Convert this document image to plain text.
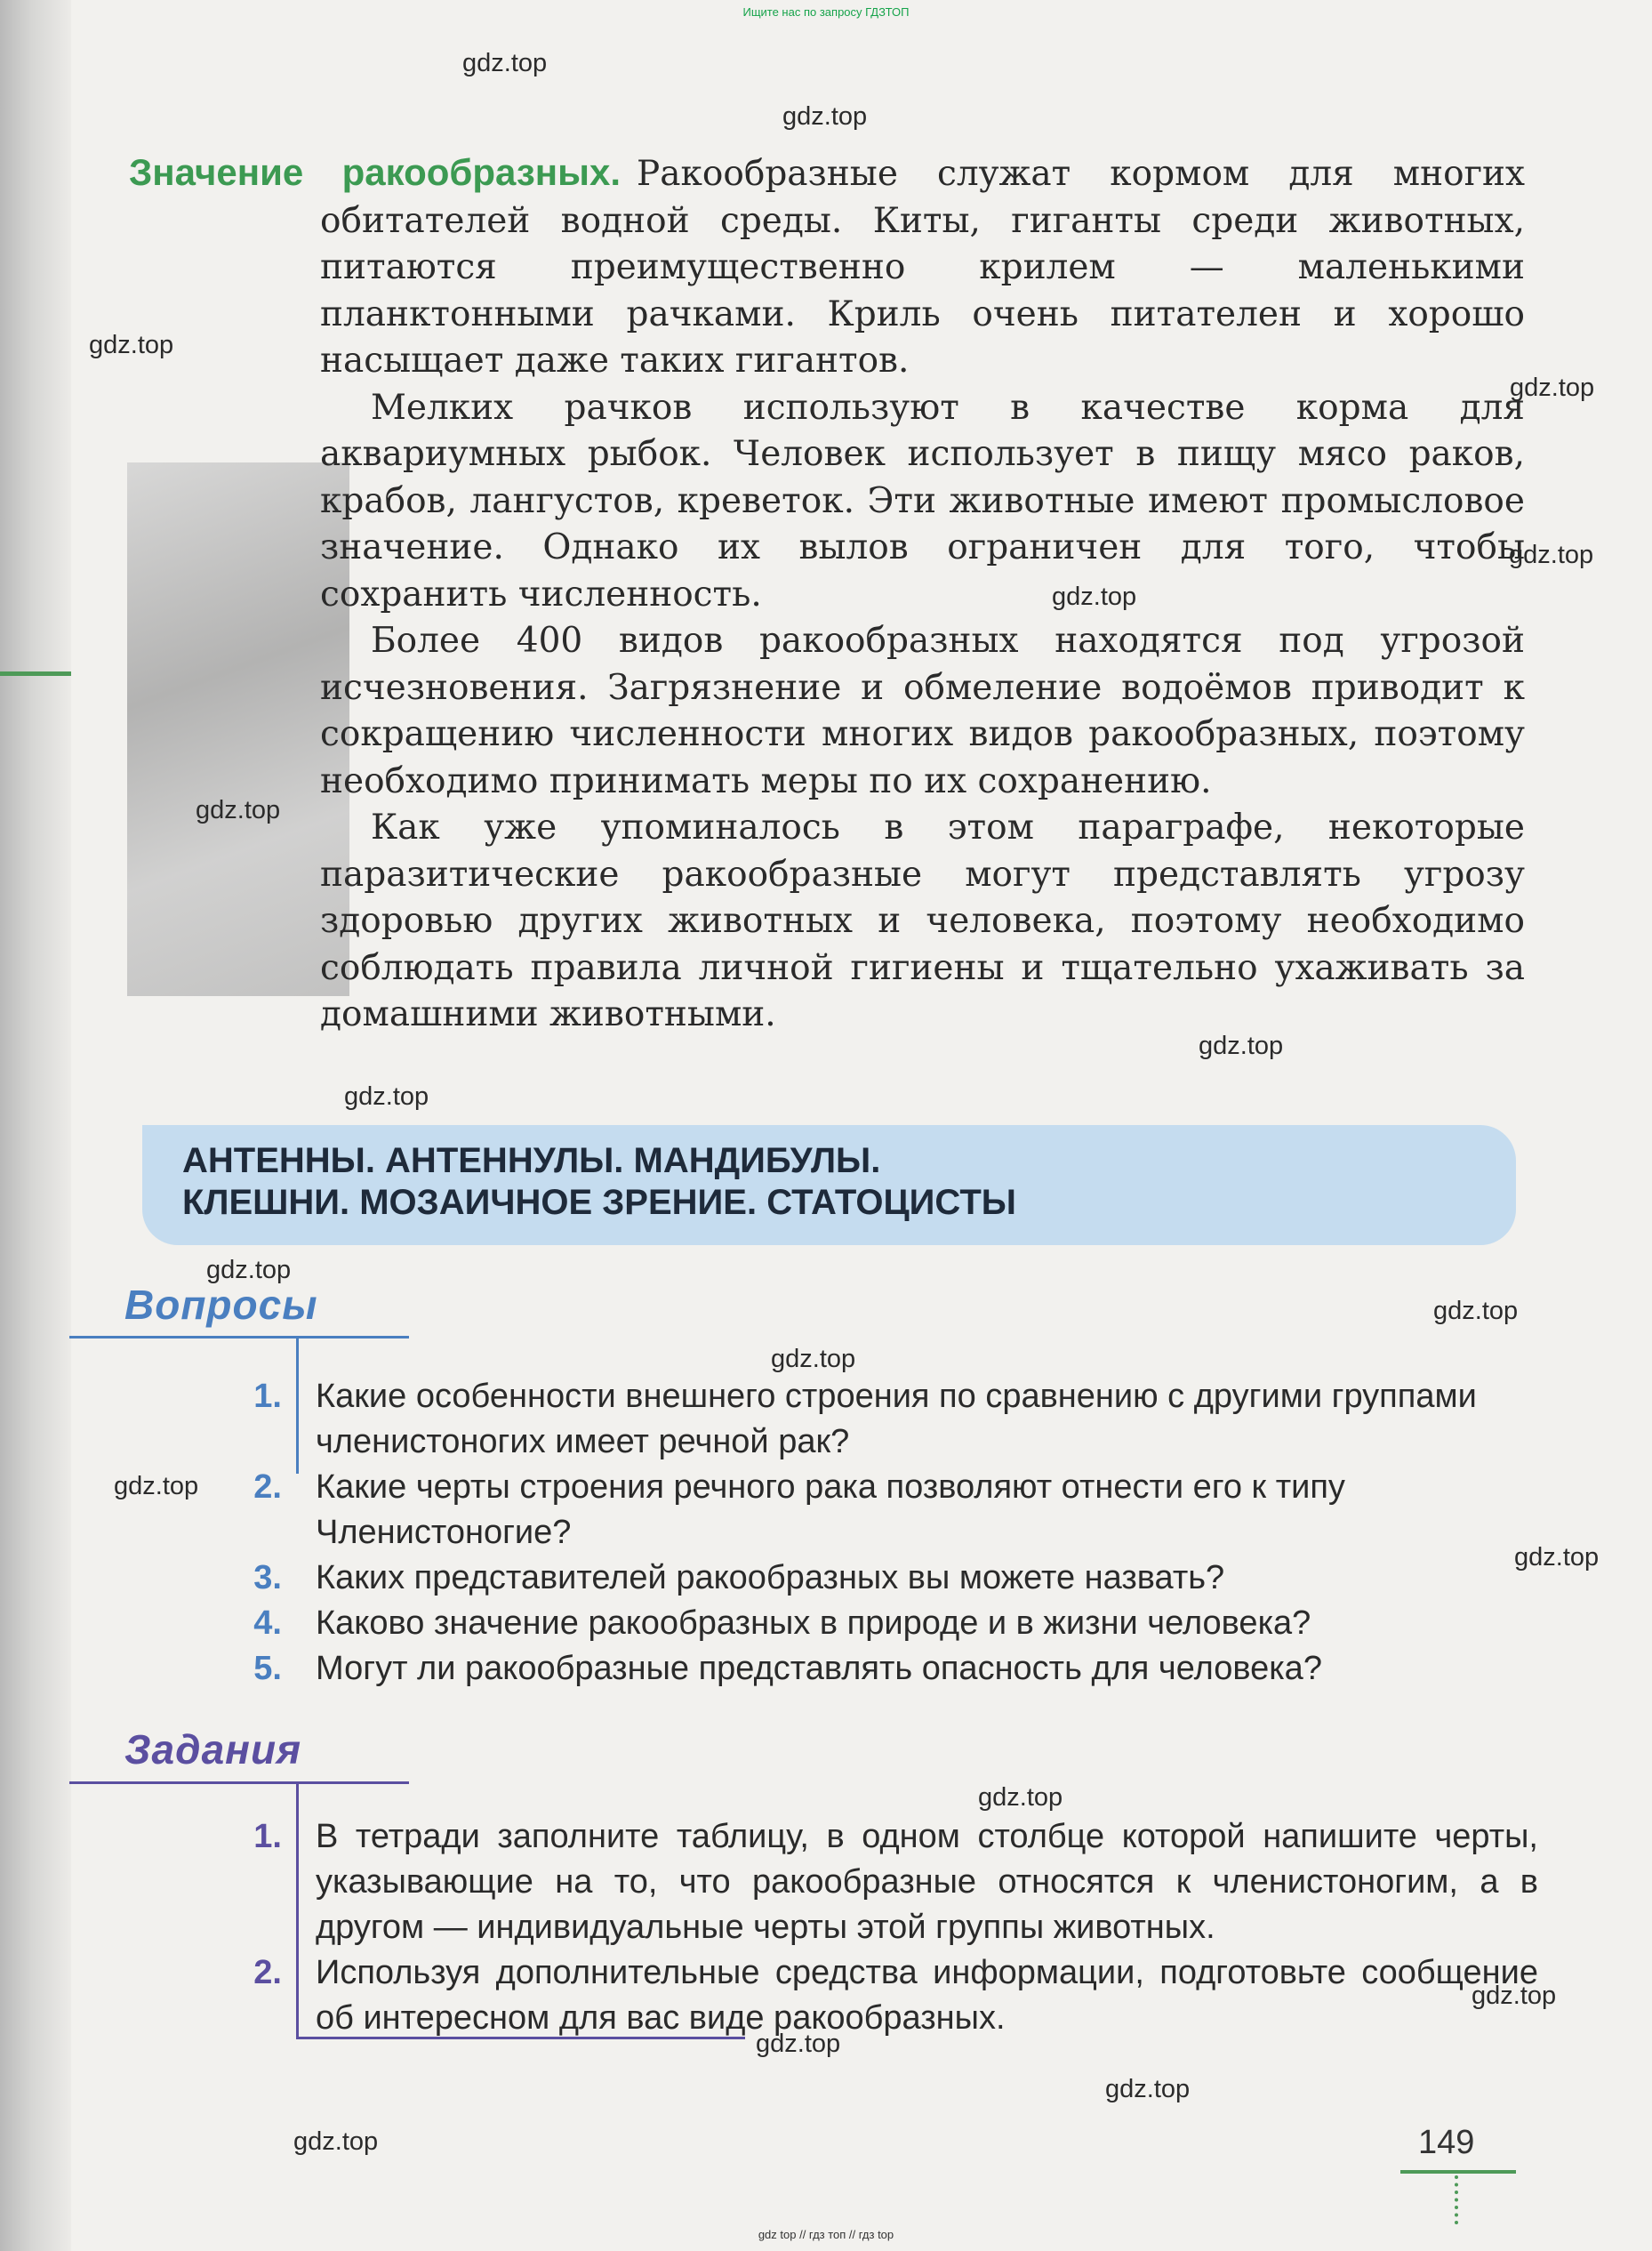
Ищите нас по запросу ГДЗТОП
gdz.top
gdz.top
gdz.top
gdz.top
gdz.top
gdz.top
gdz.top
gdz.top
gdz.top
gdz.top
gdz.top
gdz.top
gdz.top
gdz.top
gdz.top
gdz.top
gdz.top
gdz.top
gdz.top

Значение ракообразных. Ракообразные служат кормом для многих обитателей водной среды. Киты, гиганты среди животных, питаются преимущественно крилем — маленькими планктонными рачками. Криль очень питателен и хорошо насыщает даже таких гигантов.

Мелких рачков используют в качестве корма для аквариумных рыбок. Человек использует в пищу мясо раков, крабов, лангустов, креветок. Эти животные имеют промысловое значение. Однако их вылов ограничен для того, чтобы сохранить численность.

Более 400 видов ракообразных находятся под угрозой исчезновения. Загрязнение и обмеление водоёмов приводит к сокращению численности многих видов ракообразных, поэтому необходимо принимать меры по их сохранению.

Как уже упоминалось в этом параграфе, некоторые паразитические ракообразные могут представлять угрозу здоровью других животных и человека, поэтому необходимо соблюдать правила личной гигиены и тщательно ухаживать за домашними животными.

АНТЕННЫ. АНТЕННУЛЫ. МАНДИБУЛЫ.
КЛЕШНИ. МОЗАИЧНОЕ ЗРЕНИЕ. СТАТОЦИСТЫ
Вопросы
1.	Какие особенности внешнего строения по сравнению с другими группами членистоногих имеет речной рак?
2.	Какие черты строения речного рака позволяют отнести его к типу Членистоногие?
3.	Каких представителей ракообразных вы можете назвать?
4.	Каково значение ракообразных в природе и в жизни человека?
5.	Могут ли ракообразные представлять опасность для человека?
Задания
1.	В тетради заполните таблицу, в одном столбце которой напишите черты, указывающие на то, что ракообразные относятся к членистоногим, а в другом — индивидуальные черты этой группы животных.
2.	Используя дополнительные средства информации, подготовьте сообщение об интересном для вас виде ракообразных.
149
gdz top // гдз топ // гдз top
